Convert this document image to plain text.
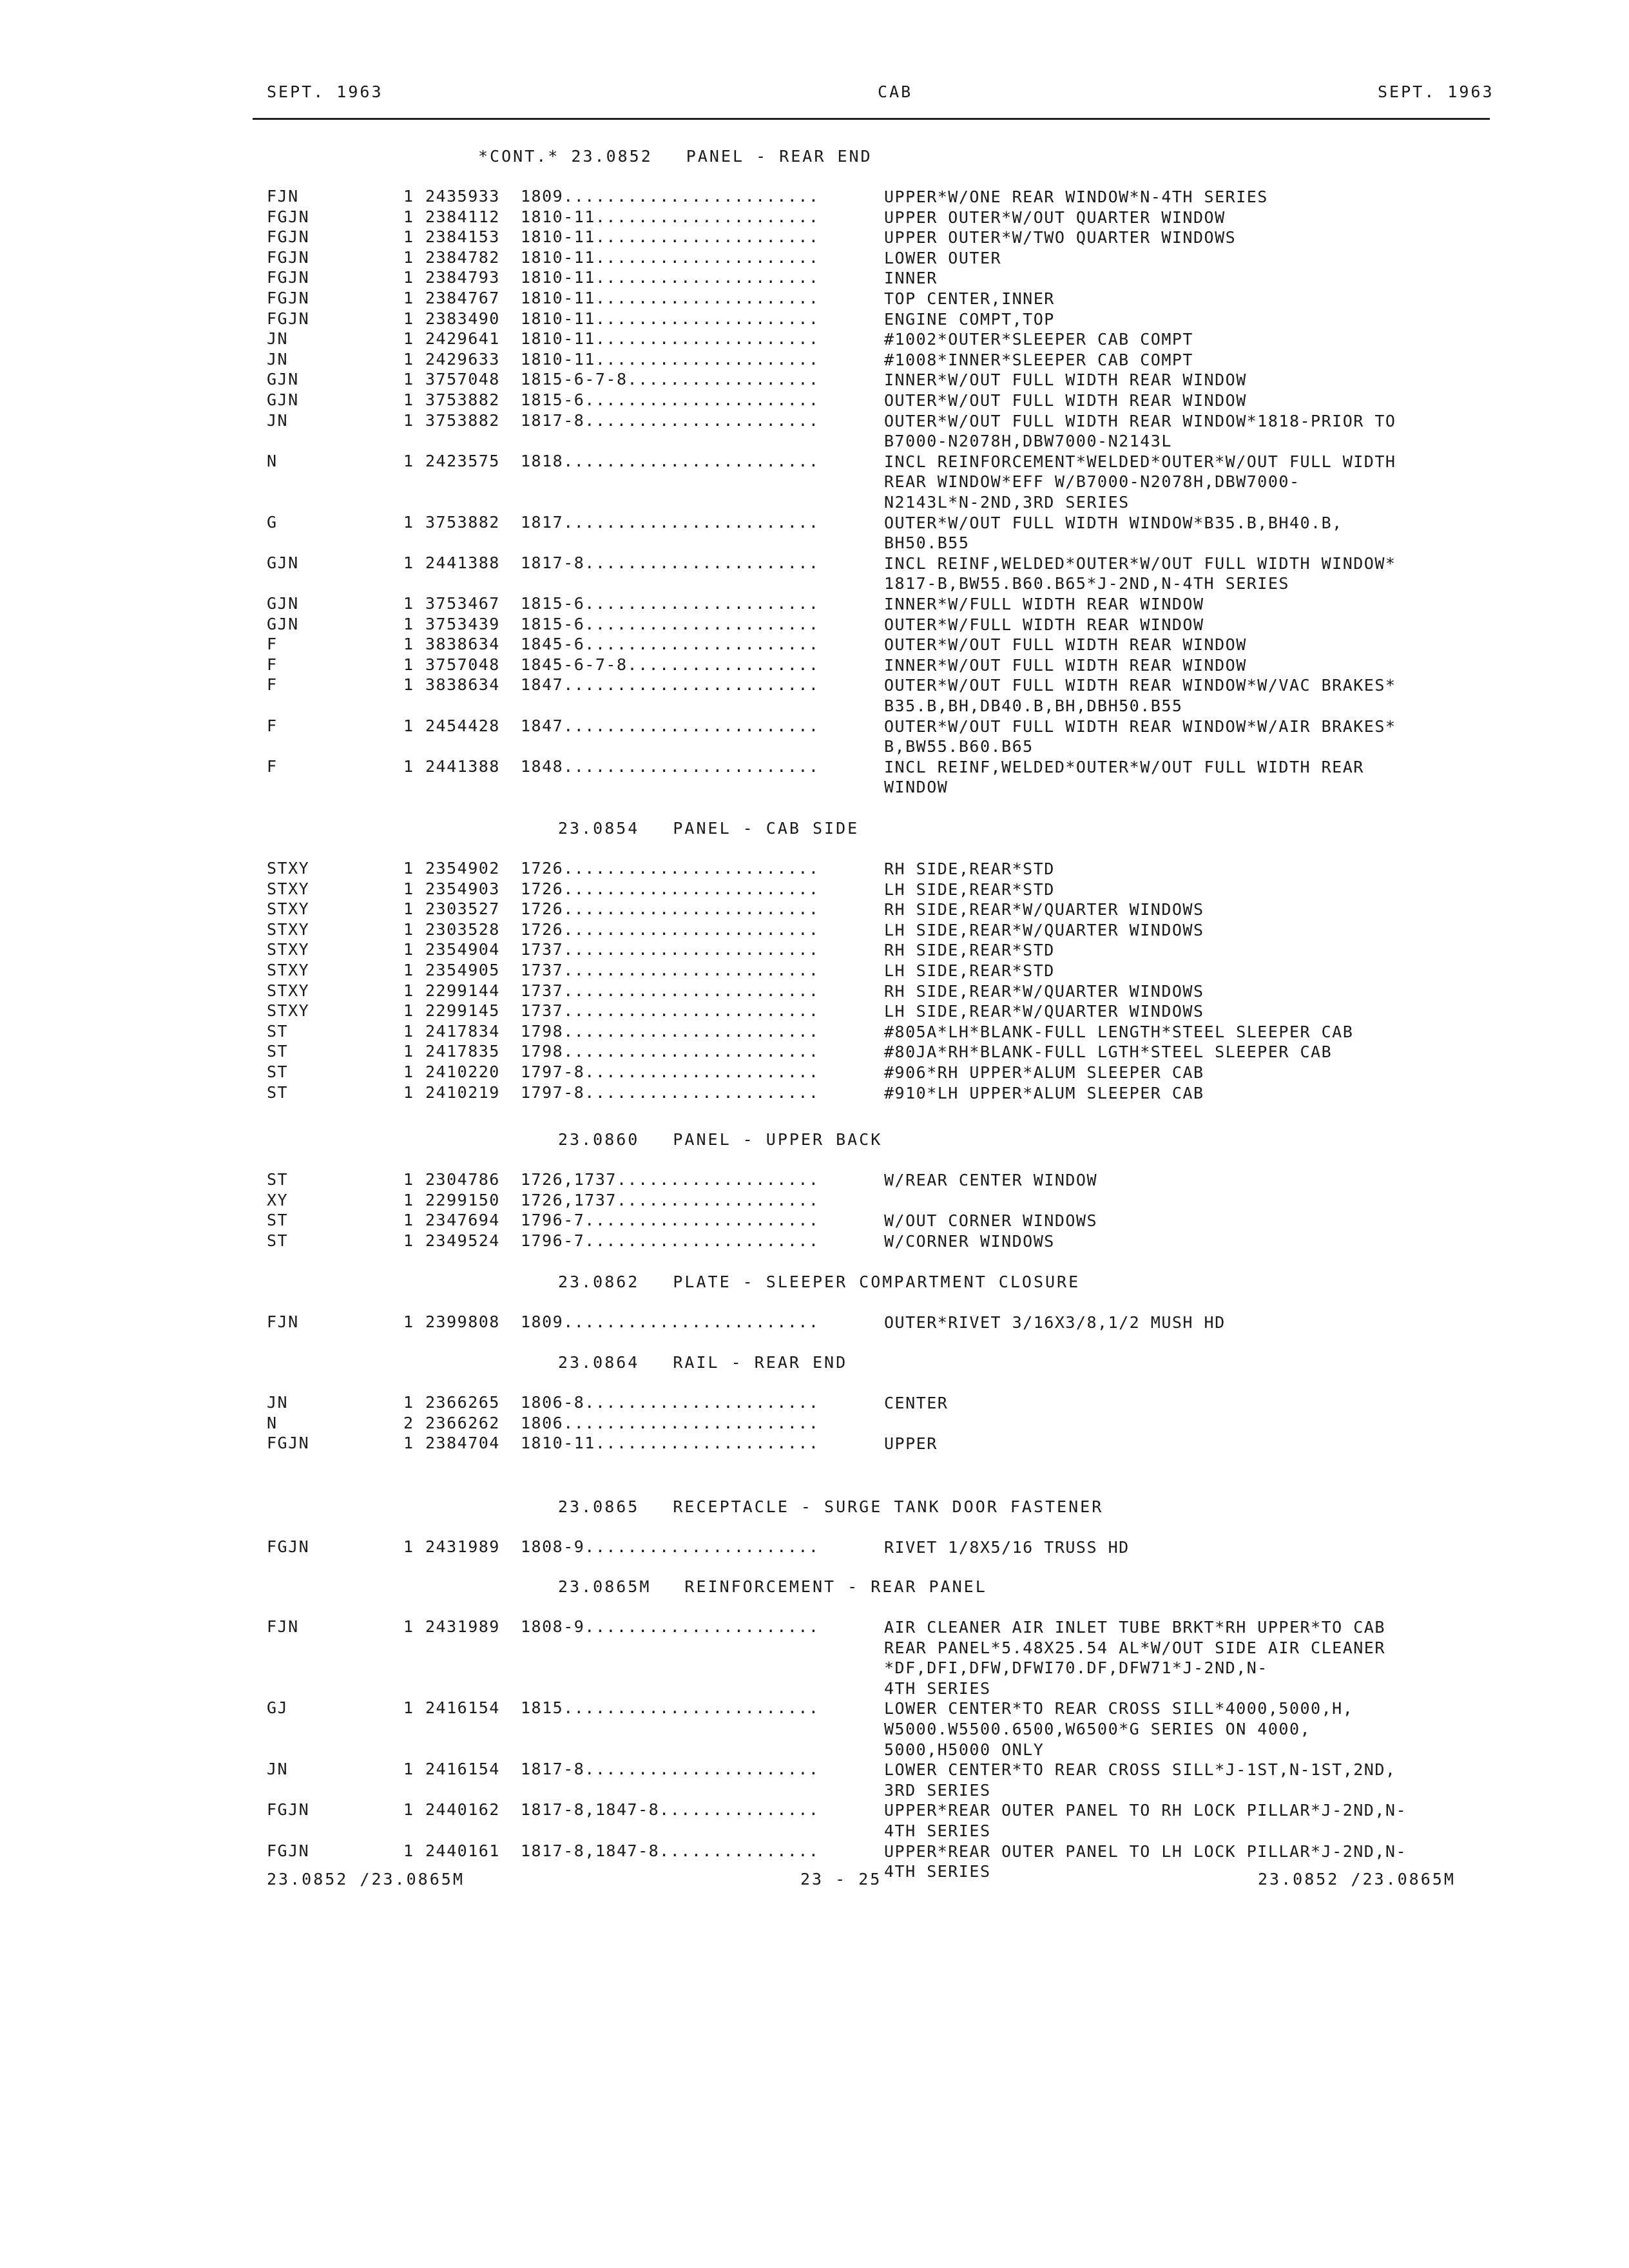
SEPT. 1963	CAB	SEPT. 1963
*CONT.* 23.0852 PANEL - REAR END
FJN	1 2435933	1809........................	UPPER*W/ONE REAR WINDOW*N-4TH SERIES
FGJN	1 2384112	1810-11.....................	UPPER OUTER*W/OUT QUARTER WINDOW
FGJN	1 2384153	1810-11.....................	UPPER OUTER*W/TWO QUARTER WINDOWS
FGJN	1 2384782	1810-11.....................	LOWER OUTER
FGJN	1 2384793	1810-11.....................	INNER
FGJN	1 2384767	1810-11.....................	TOP CENTER,INNER
FGJN	1 2383490	1810-11.....................	ENGINE COMPT,TOP
JN	1 2429641	1810-11.....................	#1002*OUTER*SLEEPER CAB COMPT
JN	1 2429633	1810-11.....................	#1008*INNER*SLEEPER CAB COMPT
GJN	1 3757048	1815-6-7-8..................	INNER*W/OUT FULL WIDTH REAR WINDOW
GJN	1 3753882	1815-6......................	OUTER*W/OUT FULL WIDTH REAR WINDOW
JN	1 3753882	1817-8......................	OUTER*W/OUT FULL WIDTH REAR WINDOW*1818-PRIOR TO
B7000-N2078H,DBW7000-N2143L
N	1 2423575	1818........................	INCL REINFORCEMENT*WELDED*OUTER*W/OUT FULL WIDTH
REAR WINDOW*EFF W/B7000-N2078H,DBW7000-
N2143L*N-2ND,3RD SERIES
G	1 3753882	1817........................	OUTER*W/OUT FULL WIDTH WINDOW*B35.B,BH40.B,
BH50.B55
GJN	1 2441388	1817-8......................	INCL REINF,WELDED*OUTER*W/OUT FULL WIDTH WINDOW*
1817-B,BW55.B60.B65*J-2ND,N-4TH SERIES
GJN	1 3753467	1815-6......................	INNER*W/FULL WIDTH REAR WINDOW
GJN	1 3753439	1815-6......................	OUTER*W/FULL WIDTH REAR WINDOW
F	1 3838634	1845-6......................	OUTER*W/OUT FULL WIDTH REAR WINDOW
F	1 3757048	1845-6-7-8..................	INNER*W/OUT FULL WIDTH REAR WINDOW
F	1 3838634	1847........................	OUTER*W/OUT FULL WIDTH REAR WINDOW*W/VAC BRAKES*
B35.B,BH,DB40.B,BH,DBH50.B55
F	1 2454428	1847........................	OUTER*W/OUT FULL WIDTH REAR WINDOW*W/AIR BRAKES*
B,BW55.B60.B65
F	1 2441388	1848........................	INCL REINF,WELDED*OUTER*W/OUT FULL WIDTH REAR
WINDOW
23.0854 PANEL - CAB SIDE
STXY	1 2354902	1726........................	RH SIDE,REAR*STD
STXY	1 2354903	1726........................	LH SIDE,REAR*STD
STXY	1 2303527	1726........................	RH SIDE,REAR*W/QUARTER WINDOWS
STXY	1 2303528	1726........................	LH SIDE,REAR*W/QUARTER WINDOWS
STXY	1 2354904	1737........................	RH SIDE,REAR*STD
STXY	1 2354905	1737........................	LH SIDE,REAR*STD
STXY	1 2299144	1737........................	RH SIDE,REAR*W/QUARTER WINDOWS
STXY	1 2299145	1737........................	LH SIDE,REAR*W/QUARTER WINDOWS
ST	1 2417834	1798........................	#805A*LH*BLANK-FULL LENGTH*STEEL SLEEPER CAB
ST	1 2417835	1798........................	#80JA*RH*BLANK-FULL LGTH*STEEL SLEEPER CAB
ST	1 2410220	1797-8......................	#906*RH UPPER*ALUM SLEEPER CAB
ST	1 2410219	1797-8......................	#910*LH UPPER*ALUM SLEEPER CAB
23.0860 PANEL - UPPER BACK
ST	1 2304786	1726,1737...................	W/REAR CENTER WINDOW
XY	1 2299150	1726,1737...................
ST	1 2347694	1796-7......................	W/OUT CORNER WINDOWS
ST	1 2349524	1796-7......................	W/CORNER WINDOWS
23.0862 PLATE - SLEEPER COMPARTMENT CLOSURE
FJN	1 2399808	1809........................	OUTER*RIVET 3/16X3/8,1/2 MUSH HD
23.0864 RAIL - REAR END
JN	1 2366265	1806-8......................	CENTER
N	2 2366262	1806........................
FGJN	1 2384704	1810-11.....................	UPPER
23.0865 RECEPTACLE - SURGE TANK DOOR FASTENER
FGJN	1 2431989	1808-9......................	RIVET 1/8X5/16 TRUSS HD
23.0865M REINFORCEMENT - REAR PANEL
FJN	1 2431989	1808-9......................	AIR CLEANER AIR INLET TUBE BRKT*RH UPPER*TO CAB
REAR PANEL*5.48X25.54 AL*W/OUT SIDE AIR CLEANER
*DF,DFI,DFW,DFWI70.DF,DFW71*J-2ND,N-
4TH SERIES
GJ	1 2416154	1815........................	LOWER CENTER*TO REAR CROSS SILL*4000,5000,H,
W5000.W5500.6500,W6500*G SERIES ON 4000,
5000,H5000 ONLY
JN	1 2416154	1817-8......................	LOWER CENTER*TO REAR CROSS SILL*J-1ST,N-1ST,2ND,
3RD SERIES
FGJN	1 2440162	1817-8,1847-8...............	UPPER*REAR OUTER PANEL TO RH LOCK PILLAR*J-2ND,N-
4TH SERIES
FGJN	1 2440161	1817-8,1847-8...............	UPPER*REAR OUTER PANEL TO LH LOCK PILLAR*J-2ND,N-
4TH SERIES
23.0852 /23.0865M	23 - 25	23.0852 /23.0865M
